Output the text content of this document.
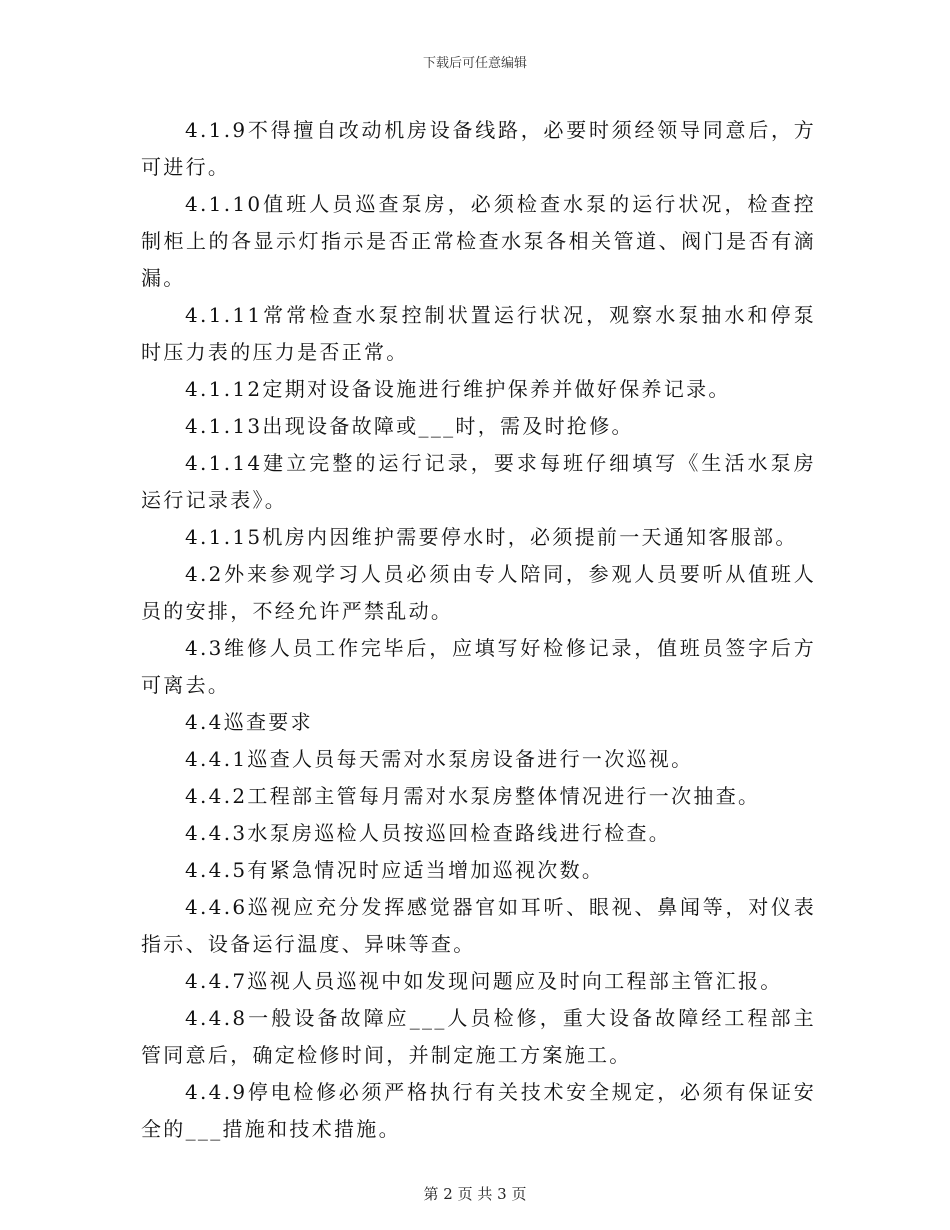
下载后可任意编辑

4.1.9不得擅自改动机房设备线路，必要时须经领导同意后，方可进行。

4.1.10值班人员巡查泵房，必须检查水泵的运行状况，检查控制柜上的各显示灯指示是否正常检查水泵各相关管道、阀门是否有滴漏。

4.1.11常常检查水泵控制状置运行状况，观察水泵抽水和停泵时压力表的压力是否正常。

4.1.12定期对设备设施进行维护保养并做好保养记录。

4.1.13出现设备故障或___时，需及时抢修。

4.1.14建立完整的运行记录，要求每班仔细填写《生活水泵房运行记录表》。

4.1.15机房内因维护需要停水时，必须提前一天通知客服部。

4.2外来参观学习人员必须由专人陪同，参观人员要听从值班人员的安排，不经允许严禁乱动。

4.3维修人员工作完毕后，应填写好检修记录，值班员签字后方可离去。

4.4巡查要求

4.4.1巡查人员每天需对水泵房设备进行一次巡视。

4.4.2工程部主管每月需对水泵房整体情况进行一次抽查。

4.4.3水泵房巡检人员按巡回检查路线进行检查。

4.4.5有紧急情况时应适当增加巡视次数。

4.4.6巡视应充分发挥感觉器官如耳听、眼视、鼻闻等，对仪表指示、设备运行温度、异味等查。

4.4.7巡视人员巡视中如发现问题应及时向工程部主管汇报。

4.4.8一般设备故障应___人员检修，重大设备故障经工程部主管同意后，确定检修时间，并制定施工方案施工。

4.4.9停电检修必须严格执行有关技术安全规定，必须有保证安全的___措施和技术措施。

第 2 页 共 3 页
